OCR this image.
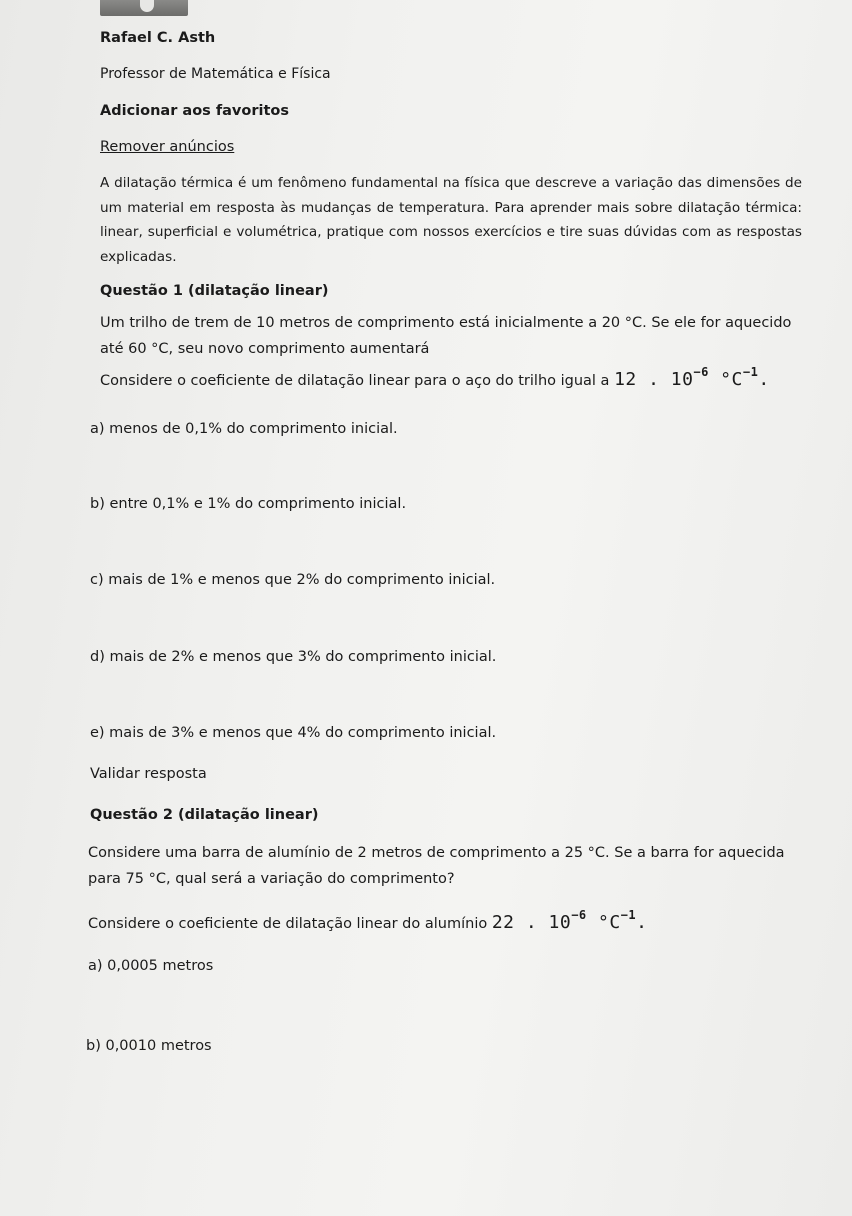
Rafael C. Asth
Professor de Matemática e Física
Adicionar aos favoritos
Remover anúncios
A dilatação térmica é um fenômeno fundamental na física que descreve a variação das dimensões de um material em resposta às mudanças de temperatura. Para aprender mais sobre dilatação térmica: linear, superficial e volumétrica, pratique com nossos exercícios e tire suas dúvidas com as respostas explicadas.
Questão 1 (dilatação linear)
Um trilho de trem de 10 metros de comprimento está inicialmente a 20 °C. Se ele for aquecido
até 60 °C, seu novo comprimento aumentará
Considere o coeficiente de dilatação linear para o aço do trilho igual a 12 . $10^{-6}$ $^\circ C^{-1}$.
a) menos de 0,1% do comprimento inicial.
b) entre 0,1% e 1% do comprimento inicial.
c) mais de 1% e menos que 2% do comprimento inicial.
d) mais de 2% e menos que 3% do comprimento inicial.
e) mais de 3% e menos que 4% do comprimento inicial.
Validar resposta
Questão 2 (dilatação linear)
Considere uma barra de alumínio de 2 metros de comprimento a 25 °C. Se a barra for aquecida
para 75 °C, qual será a variação do comprimento?
Considere o coeficiente de dilatação linear do alumínio 22 . $10^{-6}$ $^\circ C^{-1}$.
a) 0,0005 metros
b) 0,0010 metros
